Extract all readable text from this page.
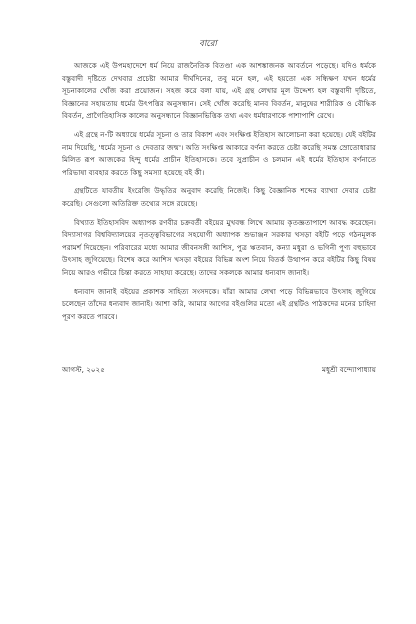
বারো

আজকে এই উপমহাদেশে ধর্ম নিয়ে রাজনৈতিক বিতণ্ডা এক আশঙ্কাজনক আবর্তনে পড়েছে। যদিও ধর্মকে বস্তুবাদী দৃষ্টিতে দেখবার প্রচেষ্টা আমার দীর্ঘদিনের, তবু মনে হল, এই হয়তো এক সন্ধিক্ষণ যখন ধর্মের সূচনাকালের খোঁজ করা প্রয়োজন। সহজ করে বলা যায়, এই গ্রন্থ লেখার মূল উদ্দেশ্য হল বস্তুবাদী দৃষ্টিতে, বিজ্ঞানের সহায়তায় ধর্মের উৎপত্তির অনুসন্ধান। সেই খোঁজ করেছি মানব বিবর্তন, মানুষের শারীরিক ও বৌদ্ধিক বিবর্তন, প্রাগৈতিহাসিক কালের অনুসন্ধানে বিজ্ঞানভিত্তিক তথ্য এবং ধর্মধারণাকে পাশাপাশি রেখে।

এই গ্রন্থে ন-টি অধ্যায়ে ধর্মের সূচনা ও তার বিকাশ এবং সংক্ষিপ্ত ইতিহাস আলোচনা করা হয়েছে। যেই বইটির নাম দিয়েছি, 'ধর্মের সূচনা ও দেবতার জন্ম'। অতি সংক্ষিপ্ত আকারে বর্ণনা করতে চেষ্টা করেছি সমস্ত স্রোতোধারার মিলিত রূপ আজকের হিন্দু ধর্মের প্রাচীন ইতিহাসকে। তবে সুপ্রাচীন ও চলমান এই ধর্মের ইতিহাস বর্ণনাতে পরিভাষা ব্যবহার করতে কিছু সমস্যা হয়েছে বই কী।

গ্রন্থটিতে যাবতীয় ইংরেজি উদ্ধৃতির অনুবাদ করেছি নিজেই। কিছু বৈজ্ঞানিক শব্দের ব্যাখ্যা দেবার চেষ্টা করেছি। সেগুলো অতিরিক্ত তথ্যের সঙ্গে রয়েছে।

বিখ্যাত ইতিহাসবিদ অধ্যাপক রণবীর চক্রবর্তী বইয়ের মুখবন্ধ লিখে আমায় কৃতজ্ঞতাপাশে আবদ্ধ করেছেন। বিদ্যাসাগর বিশ্ববিদ্যালয়ের নৃতত্ত্ববিভাগের সহযোগী অধ্যাপক শুভাঞ্জন সরকার খসড়া বইটি পড়ে গঠনমূলক পরামর্শ দিয়েছেন। পরিবারের মধ্যে আমার জীবনসঙ্গী আশিস, পুত্র ঋতবান, কন্যা মধুরা ও ভগিনী পুণ্য বহুভাবে উৎসাহ জুগিয়েছে। বিশেষ করে আশিস খসড়া বইয়ের বিভিন্ন অংশ নিয়ে বিতর্ক উত্থাপন করে বইটির কিছু বিষয় নিয়ে আরও গভীরে চিন্তা করতে সাহায্য করেছে। তাদের সকলকে আমার ধন্যবাদ জানাই।

ধন্যবাদ জানাই বইয়ের প্রকাশক সাহিত্য সংসদকে। যাঁরা আমার লেখা পড়ে বিভিন্নভাবে উৎসাহ জুগিয়ে চলেছেন তাঁদের ধন্যবাদ জানাই। আশা করি, আমার আগের বইগুলির মতো এই গ্রন্থটিও পাঠকদের মনের চাহিদা পূরণ করতে পারবে।

আগস্ট, ২০২৫	মধুশ্রী বন্দ্যোপাধ্যায়
